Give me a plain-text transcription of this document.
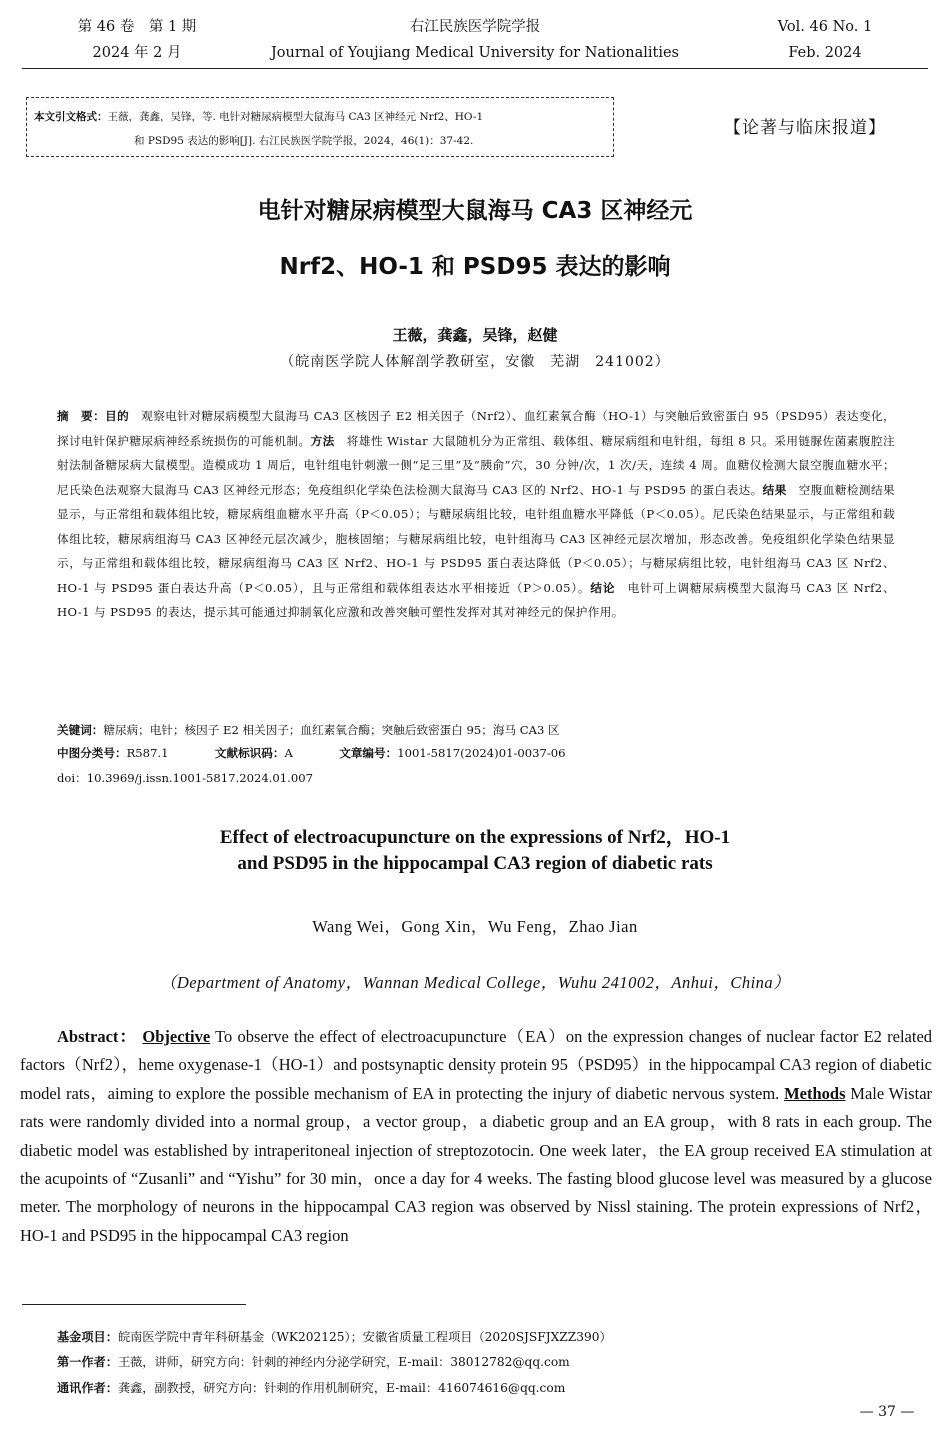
第 46 卷　第 1 期
2024 年 2 月
右江民族医学院学报
Journal of Youjiang Medical University for Nationalities
Vol. 46 No. 1
Feb. 2024
本文引文格式：王薇，龚鑫，吴锋，等. 电针对糖尿病模型大鼠海马 CA3 区神经元 Nrf2、HO-1
和 PSD95 表达的影响[J]. 右江民族医学院学报，2024，46(1)：37-42.
【论著与临床报道】
电针对糖尿病模型大鼠海马 CA3 区神经元
Nrf2、HO-1 和 PSD95 表达的影响
王薇，龚鑫，吴锋，赵健
（皖南医学院人体解剖学教研室，安徽　芜湖　241002）
摘　要：目的　 观察电针对糖尿病模型大鼠海马 CA3 区核因子 E2 相关因子（Nrf2）、血红素氧合酶（HO-1）与突触后致密蛋白 95（PSD95）表达变化，探讨电针保护糖尿病神经系统损伤的可能机制。方法　 将雄性 Wistar 大鼠随机分为正常组、载体组、糖尿病组和电针组，每组 8 只。采用链脲佐菌素腹腔注射法制备糖尿病大鼠模型。造模成功 1 周后，电针组电针刺激一侧“足三里”及“胰俞”穴，30 分钟/次，1 次/天，连续 4 周。血糖仪检测大鼠空腹血糖水平；尼氏染色法观察大鼠海马 CA3 区神经元形态；免疫组织化学染色法检测大鼠海马 CA3 区的 Nrf2、HO-1 与 PSD95 的蛋白表达。结果　 空腹血糖检测结果显示，与正常组和载体组比较，糖尿病组血糖水平升高（P＜0.05）；与糖尿病组比较，电针组血糖水平降低（P＜0.05）。尼氏染色结果显示，与正常组和载体组比较，糖尿病组海马 CA3 区神经元层次减少，胞核固缩；与糖尿病组比较，电针组海马 CA3 区神经元层次增加，形态改善。免疫组织化学染色结果显示，与正常组和载体组比较，糖尿病组海马 CA3 区 Nrf2、HO-1 与 PSD95 蛋白表达降低（P＜0.05）；与糖尿病组比较，电针组海马 CA3 区 Nrf2、HO-1 与 PSD95 蛋白表达升高（P＜0.05），且与正常组和载体组表达水平相接近（P＞0.05）。结论　 电针可上调糖尿病模型大鼠海马 CA3 区 Nrf2、HO-1 与 PSD95 的表达，提示其可能通过抑制氧化应激和改善突触可塑性发挥对其对神经元的保护作用。
关键词：糖尿病；电针；核因子 E2 相关因子；血红素氧合酶；突触后致密蛋白 95；海马 CA3 区
中图分类号：R587.1　　　　	文献标识码：A　　　　	文章编号：1001-5817(2024)01-0037-06
doi：10.3969/j.issn.1001-5817.2024.01.007
Effect of electroacupuncture on the expressions of Nrf2，HO-1
and PSD95 in the hippocampal CA3 region of diabetic rats
Wang Wei，Gong Xin，Wu Feng，Zhao Jian
（Department of Anatomy，Wannan Medical College，Wuhu 241002，Anhui，China）
Abstract： Objective To observe the effect of electroacupuncture（EA）on the expression changes of nuclear factor E2 related factors（Nrf2），heme oxygenase-1（HO-1）and postsynaptic density protein 95（PSD95）in the hippocampal CA3 region of diabetic model rats，aiming to explore the possible mechanism of EA in protecting the injury of diabetic nervous system. Methods Male Wistar rats were randomly divided into a normal group，a vector group，a diabetic group and an EA group，with 8 rats in each group. The diabetic model was established by intraperitoneal injection of streptozotocin. One week later，the EA group received EA stimulation at the acupoints of “Zusanli” and “Yishu” for 30 min，once a day for 4 weeks. The fasting blood glucose level was measured by a glucose meter. The morphology of neurons in the hippocampal CA3 region was observed by Nissl staining. The protein expressions of Nrf2，HO-1 and PSD95 in the hippocampal CA3 region
基金项目：皖南医学院中青年科研基金（WK202125）；安徽省质量工程项目（2020SJSFJXZZ390）
第一作者：王薇，讲师，研究方向：针刺的神经内分泌学研究，E-mail：38012782@qq.com
通讯作者：龚鑫，副教授，研究方向：针刺的作用机制研究，E-mail：416074616@qq.com
— 37 —
